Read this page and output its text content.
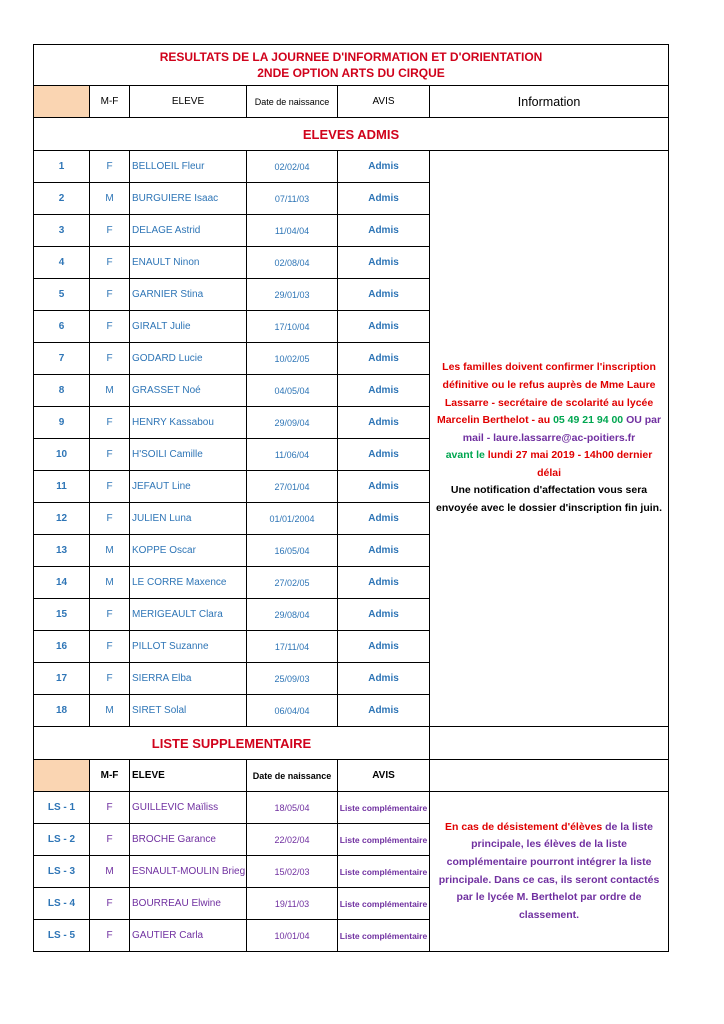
RESULTATS DE LA JOURNEE D'INFORMATION ET D'ORIENTATION
2NDE OPTION ARTS DU CIRQUE					

	M-F	ELEVE	Date de naissance	AVIS	Information
ELEVES ADMIS					
1	F	BELLOEIL Fleur	02/02/04	Admis	Les familles doivent confirmer l'inscription définitive ou le refus auprès de Mme Laure Lassarre - secrétaire de scolarité au lycée Marcelin Berthelot - au 05 49 21 94 00 OU par mail - laure.lassarre@ac-poitiers.fr
avant le lundi 27 mai 2019 - 14h00 dernier délai
Une notification d'affectation vous sera envoyée avec le dossier d'inscription fin juin.
2	M	BURGUIERE Isaac	07/11/03	Admis	
3	F	DELAGE Astrid	11/04/04	Admis	
4	F	ENAULT Ninon	02/08/04	Admis	
5	F	GARNIER Stina	29/01/03	Admis	
6	F	GIRALT Julie	17/10/04	Admis	
7	F	GODARD Lucie	10/02/05	Admis	
8	M	GRASSET Noé	04/05/04	Admis	
9	F	HENRY Kassabou	29/09/04	Admis	
10	F	H'SOILI Camille	11/06/04	Admis	
11	F	JEFAUT Line	27/01/04	Admis	
12	F	JULIEN Luna	01/01/2004	Admis	
13	M	KOPPE Oscar	16/05/04	Admis	
14	M	LE CORRE Maxence	27/02/05	Admis	
15	F	MERIGEAULT Clara	29/08/04	Admis	
16	F	PILLOT Suzanne	17/11/04	Admis	
17	F	SIERRA Elba	25/09/03	Admis	
18	M	SIRET Solal	06/04/04	Admis	
LISTE SUPPLEMENTAIRE					
	M-F	ELEVE	Date de naissance	AVIS	
LS - 1	F	GUILLEVIC Maïliss	18/05/04	Liste complémentaire	En cas de désistement d'élèves de la liste principale, les élèves de la liste complémentaire pourront intégrer la liste principale. Dans ce cas, ils seront contactés par le lycée M. Berthelot par ordre de classement.
LS - 2	F	BROCHE Garance	22/02/04	Liste complémentaire	
LS - 3	M	ESNAULT-MOULIN Brieg	15/02/03	Liste complémentaire	
LS - 4	F	BOURREAU Elwine	19/11/03	Liste complémentaire	
LS - 5	F	GAUTIER Carla	10/01/04	Liste complémentaire	
